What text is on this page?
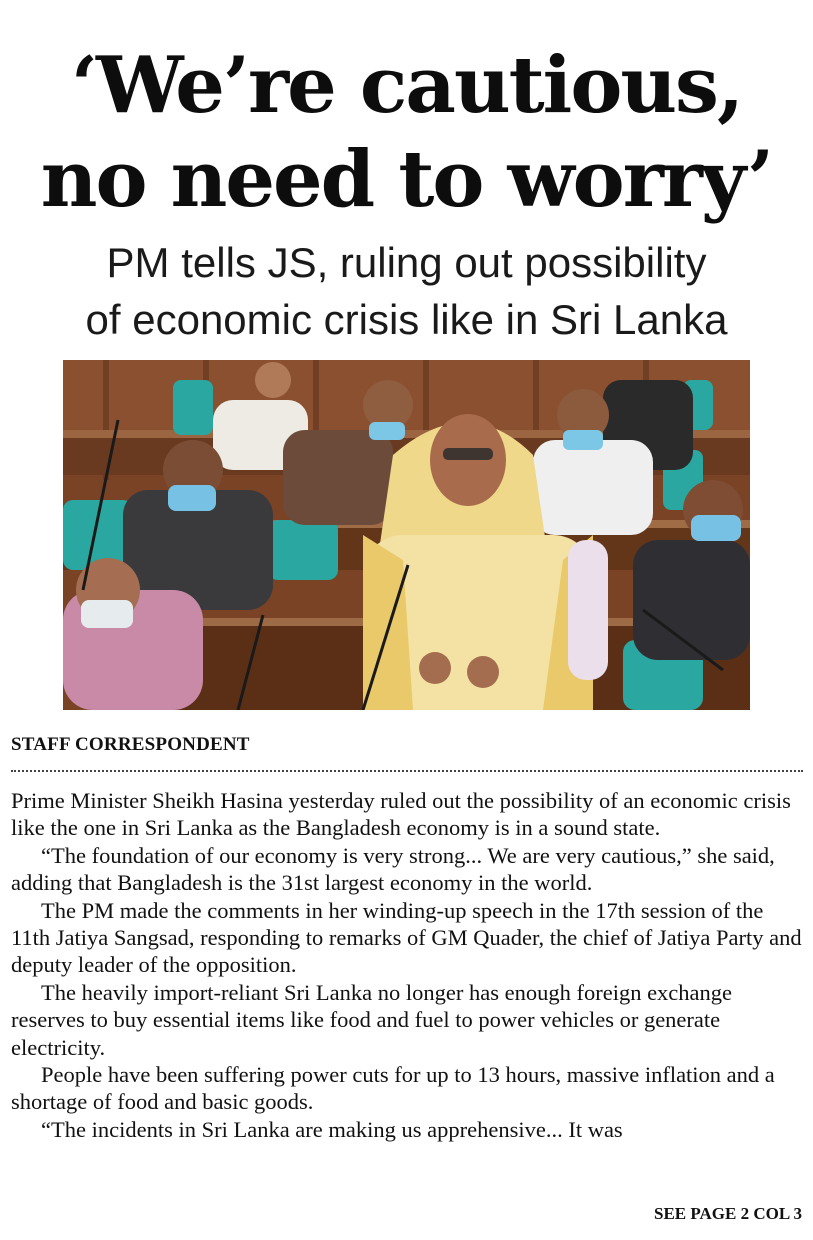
‘We’re cautious,
no need to worry’
PM tells JS, ruling out possibility
of economic crisis like in Sri Lanka
STAFF CORRESPONDENT

Prime Minister Sheikh Hasina yesterday ruled out the possibility of an economic crisis like the one in Sri Lanka as the Bangladesh economy is in a sound state.

“The foundation of our economy is very strong... We are very cautious,” she said, adding that Bangladesh is the 31st largest economy in the world.

The PM made the comments in her winding-up speech in the 17th session of the 11th Jatiya Sangsad, responding to remarks of GM Quader, the chief of Jatiya Party and deputy leader of the opposition.

The heavily import-reliant Sri Lanka no longer has enough foreign exchange reserves to buy essential items like food and fuel to power vehicles or generate electricity.

People have been suffering power cuts for up to 13 hours, massive inflation and a shortage of food and basic goods.

“The incidents in Sri Lanka are making us apprehensive... It was

SEE PAGE 2 COL 3
